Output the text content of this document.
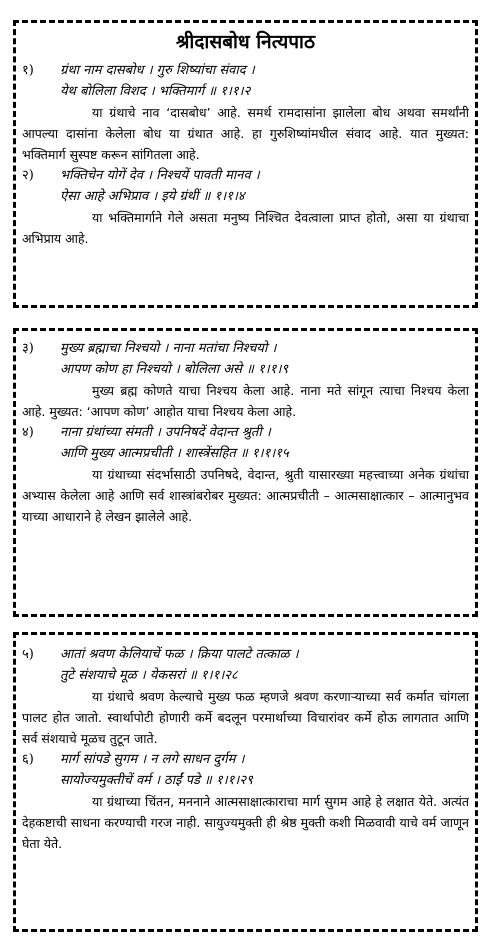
श्रीदासबोध नित्यपाठ
१) ग्रंथा नाम दासबोध । गुरु शिष्यांचा संवाद ।
येथ बोलिला विशद । भक्तिमार्ग ॥ १।१।२

या ग्रंथाचे नाव ‘दासबोध’ आहे. समर्थ रामदासांना झालेला बोध अथवा समर्थांनी आपल्या दासांना केलेला बोध या ग्रंथात आहे. हा गुरुशिष्यांमधील संवाद आहे. यात मुख्यत: भक्तिमार्ग सुस्पष्ट करून सांगितला आहे.

२) भक्तिचेन योगें देव । निश्चयें पावती मानव ।
ऐसा आहे अभिप्राव । इये ग्रंथीं ॥ १।१।४

या भक्तिमार्गाने गेले असता मनुष्य निश्चित देवत्वाला प्राप्त होतो, असा या ग्रंथाचा अभिप्राय आहे.

३) मुख्य ब्रह्माचा निश्चयो । नाना मतांचा निश्चयो ।
आपण कोण हा निश्चयो । बोलिला असे ॥ १।१।९

मुख्य ब्रह्म कोणते याचा निश्चय केला आहे. नाना मते सांगून त्याचा निश्चय केला आहे. मुख्यत: ‘आपण कोण’ आहोत याचा निश्चय केला आहे.

४) नाना ग्रंथांच्या संमती । उपनिषदें वेदान्त श्रुती ।
आणि मुख्य आत्मप्रचीती । शास्त्रेंसहित ॥ १।१।१५

या ग्रंथाच्या संदर्भासाठी उपनिषदे, वेदान्त, श्रुती यासारख्या महत्त्वाच्या अनेक ग्रंथांचा अभ्यास केलेला आहे आणि सर्व शास्त्रांबरोबर मुख्यत: आत्मप्रचीती – आत्मसाक्षात्कार – आत्मानुभव याच्या आधाराने हे लेखन झालेले आहे.

५) आतां श्रवण केलियाचें फळ । क्रिया पालटे तत्काळ ।
तुटे संशयाचे मूळ । येकसरां ॥ १।१।२८

या ग्रंथाचे श्रवण केल्याचे मुख्य फळ म्हणजे श्रवण करणाऱ्याच्या सर्व कर्मात चांगला पालट होत जातो. स्वार्थापोटी होणारी कर्मे बदलून परमार्थाच्या विचारांवर कर्मे होऊ लागतात आणि सर्व संशयाचे मूळच तुटून जाते.

६) मार्ग सांपडे सुगम । न लगे साधन दुर्गम ।
सायोज्यमुक्तीचें वर्म । ठाईं पडे ॥ १।१।२९

या ग्रंथाच्या चिंतन, मननाने आत्मसाक्षात्काराचा मार्ग सुगम आहे हे लक्षात येते. अत्यंत देहकष्टाची साधना करण्याची गरज नाही. सायुज्यमुक्ती ही श्रेष्ठ मुक्ती कशी मिळवावी याचे वर्म जाणून घेता येते.
